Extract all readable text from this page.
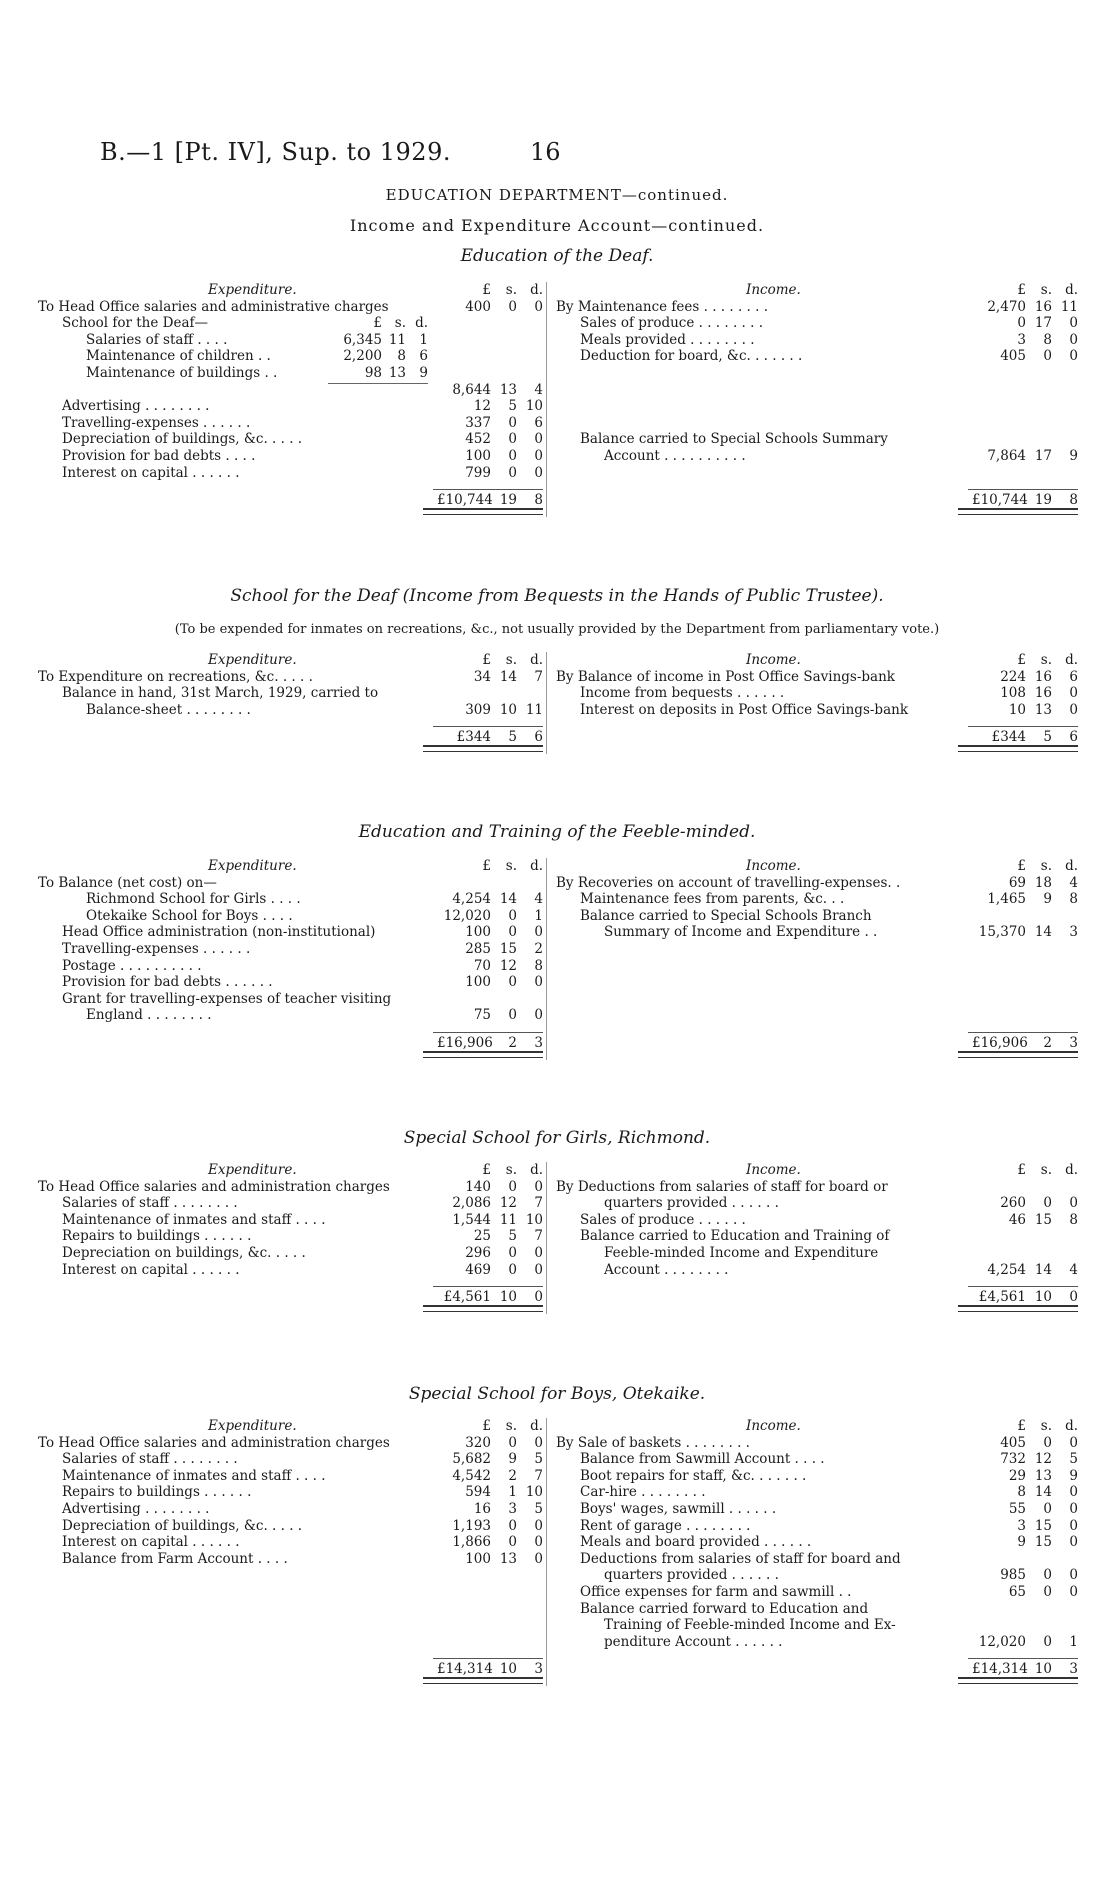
B.—1 [Pt. IV], Sup. to 1929.	16
EDUCATION DEPARTMENT—continued.
Income and Expenditure Account—continued.
Education of the Deaf.
Expenditure.	£	s. d.
To Head Office salaries and administrative charges	400	0	0
School for the Deaf—	£ s. d.
Salaries of staff . . . .	6,345 11 1
Maintenance of children . .	2,200	8 6
Maintenance of buildings . .	98 13 9
8,644 13	4
Advertising . . . . . . . .	12	5 10
Travelling-expenses . . . . . .	337	0	6
Depreciation of buildings, &c. . . . .	452	0	0
Provision for bad debts . . . .	100	0	0
Interest on capital . . . . . .	799	0	0
£10,744 19	8
Income.	£	s. d.
By Maintenance fees . . . . . . . .	2,470 16 11
Sales of produce . . . . . . . .	0 17	0
Meals provided . . . . . . . .	3	8	0
Deduction for board, &c. . . . . . .	405	0	0
Balance carried to Special Schools Summary
Account . . . . . . . . . .	7,864 17	9
£10,744 19	8
School for the Deaf (Income from Bequests in the Hands of Public Trustee).
(To be expended for inmates on recreations, &c., not usually provided by the Department from parliamentary vote.)
Expenditure.	£	s. d.
To Expenditure on recreations, &c. . . . .	34 14	7
Balance in hand, 31st March, 1929, carried to
Balance-sheet . . . . . . . .	309 10 11
£344	5	6
Income.	£	s. d.
By Balance of income in Post Office Savings-bank	224 16	6
Income from bequests . . . . . .	108 16	0
Interest on deposits in Post Office Savings-bank	10 13	0
£344	5	6
Education and Training of the Feeble-minded.
Expenditure.	£	s. d.
To Balance (net cost) on—
Richmond School for Girls . . . .	4,254 14	4
Otekaike School for Boys . . . .	12,020	0	1
Head Office administration (non-institutional)	100	0	0
Travelling-expenses . . . . . .	285 15	2
Postage . . . . . . . . . .	70 12	8
Provision for bad debts . . . . . .	100	0	0
Grant for travelling-expenses of teacher visiting
England . . . . . . . .	75	0	0
£16,906	2	3
Income.	£	s. d.
By Recoveries on account of travelling-expenses. .	69 18	4
Maintenance fees from parents, &c. . .	1,465	9	8
Balance carried to Special Schools Branch
Summary of Income and Expenditure . .	15,370 14	3
£16,906	2	3
Special School for Girls, Richmond.
Expenditure.	£	s. d.
To Head Office salaries and administration charges	140	0	0
Salaries of staff . . . . . . . .	2,086 12	7
Maintenance of inmates and staff . . . .	1,544 11 10
Repairs to buildings . . . . . .	25	5	7
Depreciation on buildings, &c. . . . .	296	0	0
Interest on capital . . . . . .	469	0	0
£4,561 10	0
Income.	£	s. d.
By Deductions from salaries of staff for board or
quarters provided . . . . . .	260	0	0
Sales of produce . . . . . .	46 15	8
Balance carried to Education and Training of
Feeble-minded Income and Expenditure
Account . . . . . . . .	4,254 14	4
£4,561 10	0
Special School for Boys, Otekaike.
Expenditure.	£	s. d.
To Head Office salaries and administration charges	320	0	0
Salaries of staff . . . . . . . .	5,682	9	5
Maintenance of inmates and staff . . . .	4,542	2	7
Repairs to buildings . . . . . .	594	1 10
Advertising . . . . . . . .	16	3	5
Depreciation of buildings, &c. . . . .	1,193	0	0
Interest on capital . . . . . .	1,866	0	0
Balance from Farm Account . . . .	100 13	0
£14,314 10	3
Income.	£	s. d.
By Sale of baskets . . . . . . . .	405	0	0
Balance from Sawmill Account . . . .	732 12	5
Boot repairs for staff, &c. . . . . . .	29 13	9
Car-hire . . . . . . . .	8 14	0
Boys' wages, sawmill . . . . . .	55	0	0
Rent of garage . . . . . . . .	3 15	0
Meals and board provided . . . . . .	9 15	0
Deductions from salaries of staff for board and
quarters provided . . . . . .	985	0	0
Office expenses for farm and sawmill . .	65	0	0
Balance carried forward to Education and
Training of Feeble-minded Income and Ex-
penditure Account . . . . . .	12,020	0	1
£14,314 10	3
